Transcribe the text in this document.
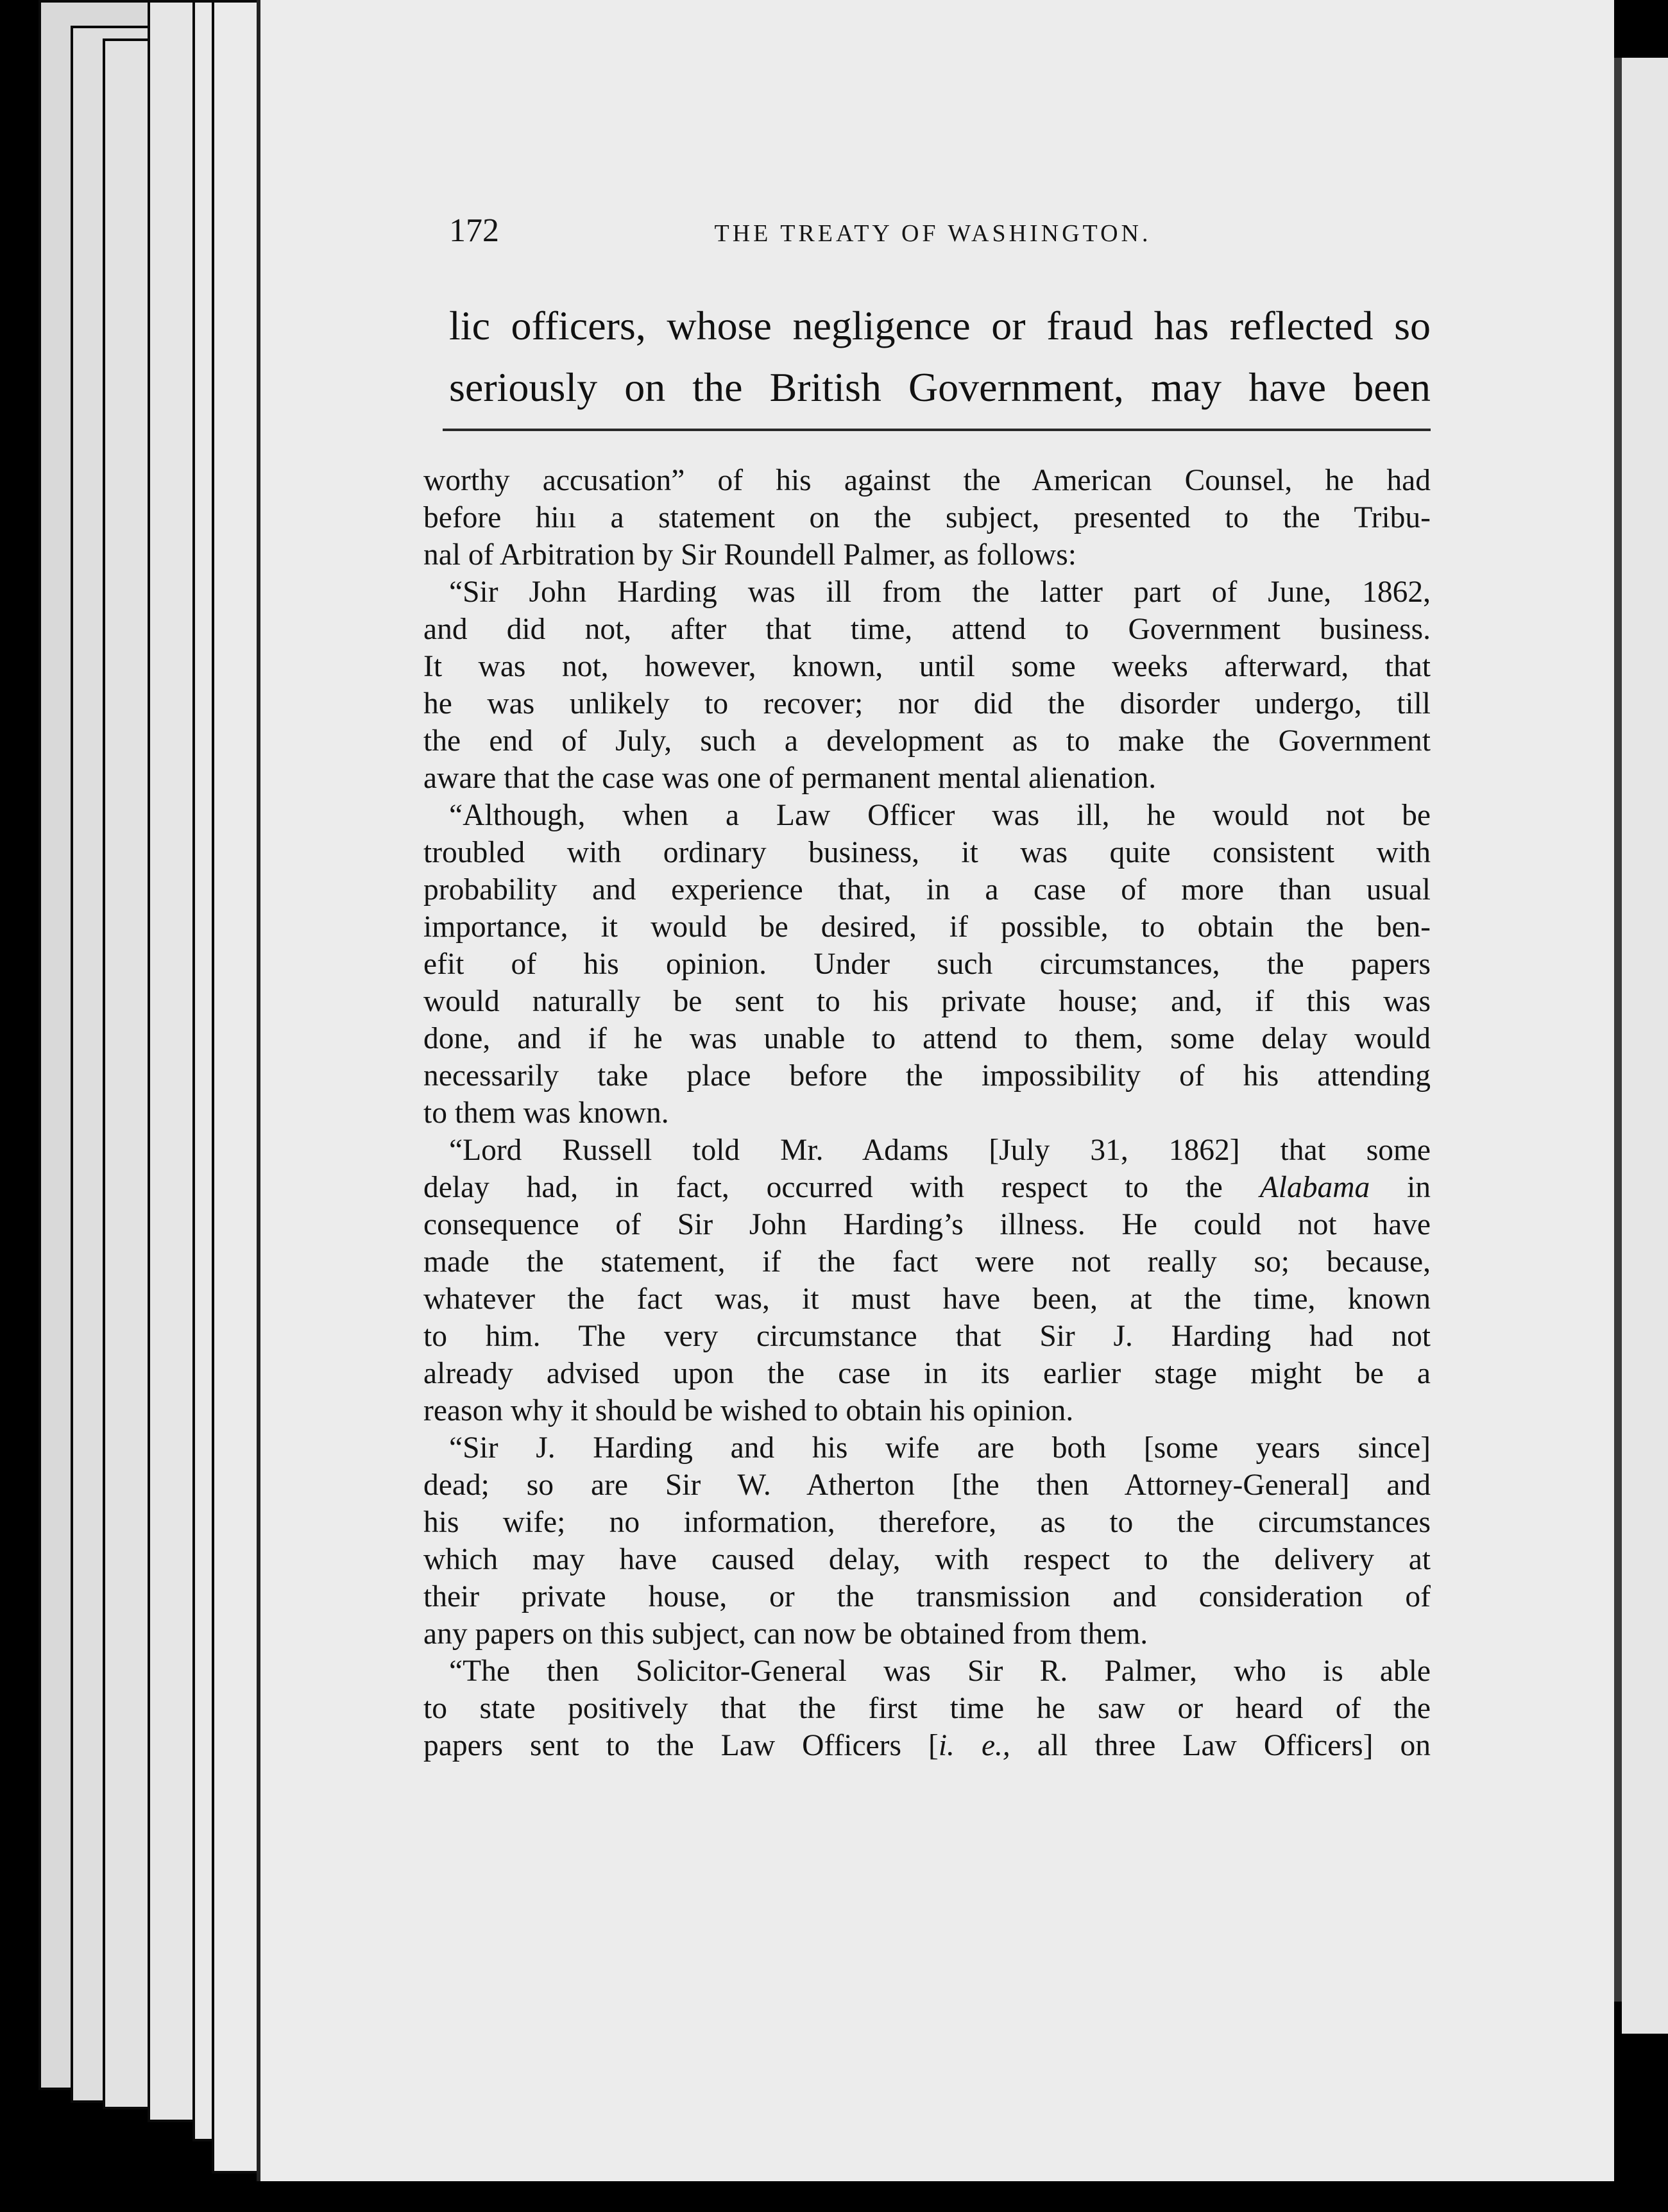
172	THE TREATY OF WASHINGTON.
lic officers, whose negligence or fraud has reflected so
seriously on the British Government, may have been
worthy accusation” of his against the American Counsel, he had
before hiıı a statement on the subject, presented to the Tribu-
nal of Arbitration by Sir Roundell Palmer, as follows:
“Sir John Harding was ill from the latter part of June, 1862,
and did not, after that time, attend to Government business.
It was not, however, known, until some weeks afterward, that
he was unlikely to recover; nor did the disorder undergo, till
the end of July, such a development as to make the Government
aware that the case was one of permanent mental alienation.
“Although, when a Law Officer was ill, he would not be
troubled with ordinary business, it was quite consistent with
probability and experience that, in a case of more than usual
importance, it would be desired, if possible, to obtain the ben-
efit of his opinion. Under such circumstances, the papers
would naturally be sent to his private house; and, if this was
done, and if he was unable to attend to them, some delay would
necessarily take place before the impossibility of his attending
to them was known.
“Lord Russell told Mr. Adams [July 31, 1862] that some
delay had, in fact, occurred with respect to the Alabama in
consequence of Sir John Harding’s illness. He could not have
made the statement, if the fact were not really so; because,
whatever the fact was, it must have been, at the time, known
to him. The very circumstance that Sir J. Harding had not
already advised upon the case in its earlier stage might be a
reason why it should be wished to obtain his opinion.
“Sir J. Harding and his wife are both [some years since]
dead; so are Sir W. Atherton [the then Attorney-General] and
his wife; no information, therefore, as to the circumstances
which may have caused delay, with respect to the delivery at
their private house, or the transmission and consideration of
any papers on this subject, can now be obtained from them.
“The then Solicitor-General was Sir R. Palmer, who is able
to state positively that the first time he saw or heard of the
papers sent to the Law Officers [i. e., all three Law Officers] on
